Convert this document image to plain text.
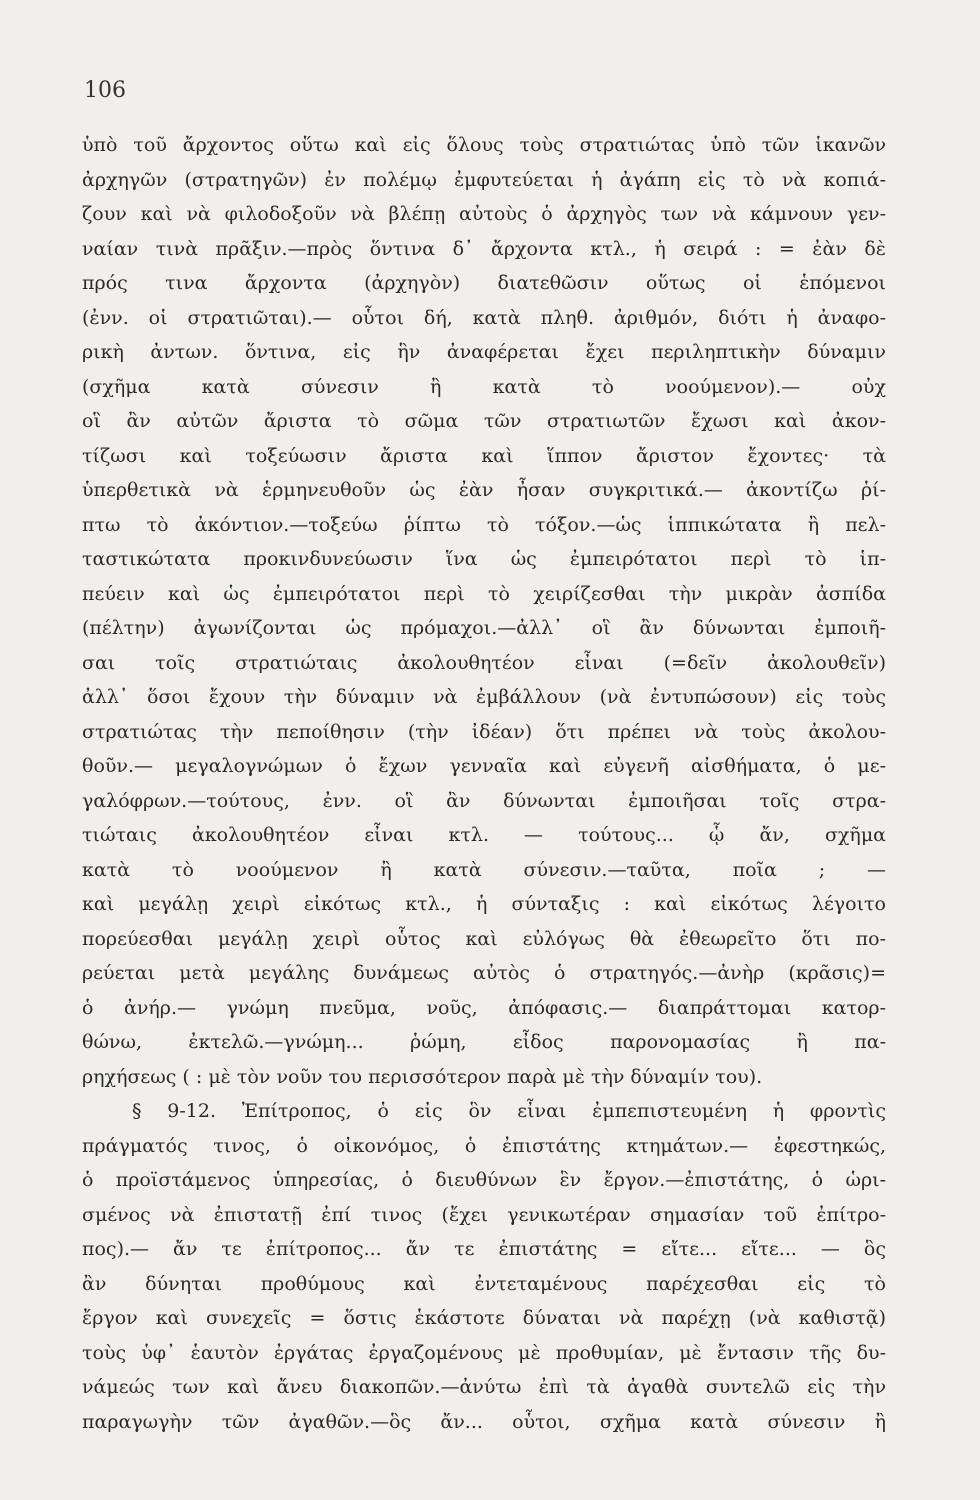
106
ὑπὸ τοῦ ἄρχοντος οὕτω καὶ εἰς ὅλους τοὺς στρατιώτας ὑπὸ τῶν ἱκανῶν
ἀρχηγῶν (στρατηγῶν) ἐν πολέμῳ ἐμφυτεύεται ἡ ἀγάπη εἰς τὸ νὰ κοπιά-
ζουν καὶ νὰ φιλοδοξοῦν νὰ βλέπῃ αὐτοὺς ὁ ἀρχηγὸς των νὰ κάμνουν γεν-
ναίαν τινὰ πρᾶξιν.—πρὸς ὅντινα δ᾽ ἄρχοντα κτλ., ἡ σειρά : = ἐὰν δὲ
πρός τινα ἄρχοντα (ἀρχηγὸν) διατεθῶσιν οὕτως οἱ ἑπόμενοι
(ἐνν. οἱ στρατιῶται).— οὗτοι δή, κατὰ πληθ. ἀριθμόν, διότι ἡ ἀναφο-
ρικὴ ἀντων. ὅντινα, εἰς ἣν ἀναφέρεται ἔχει περιληπτικὴν δύναμιν
(σχῆμα κατὰ σύνεσιν ἢ κατὰ τὸ νοούμενον).— οὐχ
οἳ ἂν αὐτῶν ἄριστα τὸ σῶμα τῶν στρατιωτῶν ἔχωσι καὶ ἀκον-
τίζωσι καὶ τοξεύωσιν ἄριστα καὶ ἵππον ἄριστον ἔχοντες· τὰ
ὑπερθετικὰ νὰ ἑρμηνευθοῦν ὡς ἐὰν ἦσαν συγκριτικά.— ἀκοντίζω ῥί-
πτω τὸ ἀκόντιον.—τοξεύω ῥίπτω τὸ τόξον.—ὡς ἱππικώτατα ἢ πελ-
ταστικώτατα προκινδυνεύωσιν ἵνα ὡς ἐμπειρότατοι περὶ τὸ ἱπ-
πεύειν καὶ ὡς ἐμπειρότατοι περὶ τὸ χειρίζεσθαι τὴν μικρὰν ἀσπίδα
(πέλτην) ἀγωνίζονται ὡς πρόμαχοι.—ἀλλ᾽ οἳ ἂν δύνωνται ἐμποιῆ-
σαι τοῖς στρατιώταις ἀκολουθητέον εἶναι (=δεῖν ἀκολουθεῖν)
ἀλλ᾽ ὅσοι ἔχουν τὴν δύναμιν νὰ ἐμβάλλουν (νὰ ἐντυπώσουν) εἰς τοὺς
στρατιώτας τὴν πεποίθησιν (τὴν ἰδέαν) ὅτι πρέπει νὰ τοὺς ἀκολου-
θοῦν.— μεγαλογνώμων ὁ ἔχων γενναῖα καὶ εὐγενῆ αἰσθήματα, ὁ με-
γαλόφρων.—τούτους, ἐνν. οἳ ἂν δύνωνται ἐμποιῆσαι τοῖς στρα-
τιώταις ἀκολουθητέον εἶναι κτλ. — τούτους... ᾧ ἄν, σχῆμα
κατὰ τὸ νοούμενον ἢ κατὰ σύνεσιν.—ταῦτα, ποῖα ; —
καὶ μεγάλῃ χειρὶ εἰκότως κτλ., ἡ σύνταξις : καὶ εἰκότως λέγοιτο
πορεύεσθαι μεγάλῃ χειρὶ οὗτος καὶ εὐλόγως θὰ ἐθεωρεῖτο ὅτι πο-
ρεύεται μετὰ μεγάλης δυνάμεως αὐτὸς ὁ στρατηγός.—ἀνὴρ (κρᾶσις)=
ὁ ἀνήρ.— γνώμη πνεῦμα, νοῦς, ἀπόφασις.— διαπράττομαι κατορ-
θώνω, ἐκτελῶ.—γνώμη... ῥώμη, εἶδος παρονομασίας ἢ πα-
ρηχήσεως ( : μὲ τὸν νοῦν του περισσότερον παρὰ μὲ τὴν δύναμίν του).
§ 9-12. Ἐπίτροπος, ὁ εἰς ὃν εἶναι ἐμπεπιστευμένη ἡ φροντὶς
πράγματός τινος, ὁ οἰκονόμος, ὁ ἐπιστάτης κτημάτων.— ἐφεστηκώς,
ὁ προϊστάμενος ὑπηρεσίας, ὁ διευθύνων ἓν ἔργον.—ἐπιστάτης, ὁ ὡρι-
σμένος νὰ ἐπιστατῇ ἐπί τινος (ἔχει γενικωτέραν σημασίαν τοῦ ἐπίτρο-
πος).— ἄν τε ἐπίτροπος... ἄν τε ἐπιστάτης = εἴτε... εἴτε... — ὃς
ἂν δύνηται προθύμους καὶ ἐντεταμένους παρέχεσθαι εἰς τὸ
ἔργον καὶ συνεχεῖς = ὅστις ἑκάστοτε δύναται νὰ παρέχῃ (νὰ καθιστᾷ)
τοὺς ὑφ᾽ ἑαυτὸν ἐργάτας ἐργαζομένους μὲ προθυμίαν, μὲ ἔντασιν τῆς δυ-
νάμεώς των καὶ ἄνευ διακοπῶν.—ἀνύτω ἐπὶ τὰ ἀγαθὰ συντελῶ εἰς τὴν
παραγωγὴν τῶν ἀγαθῶν.—ὃς ἄν... οὗτοι, σχῆμα κατὰ σύνεσιν ἢ
